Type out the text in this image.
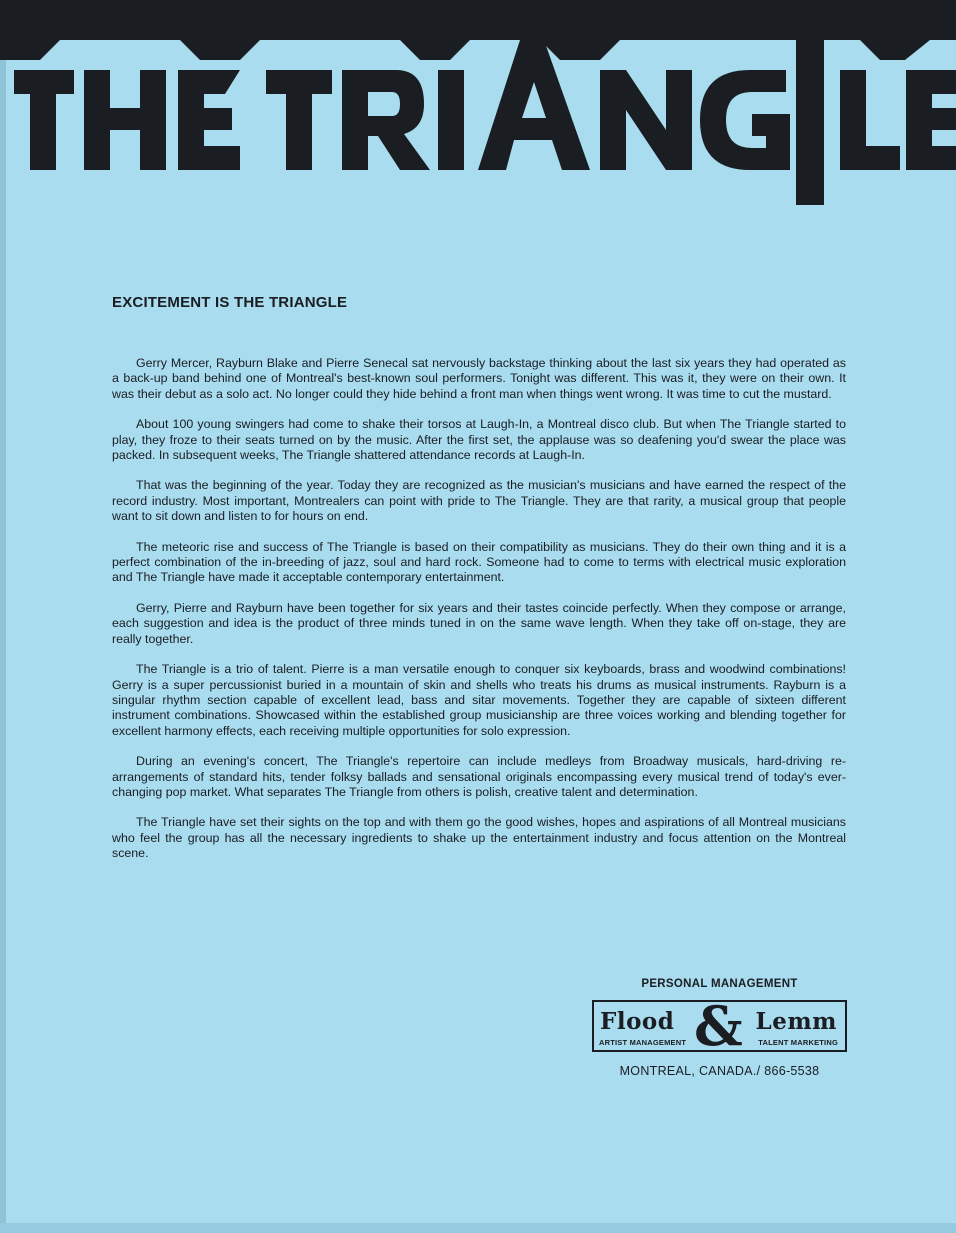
EXCITEMENT IS THE TRIANGLE

Gerry Mercer, Rayburn Blake and Pierre Senecal sat nervously backstage thinking about the last six years they had operated as a back-up band behind one of Montreal's best-known soul performers. Tonight was different. This was it, they were on their own. It was their debut as a solo act. No longer could they hide behind a front man when things went wrong. It was time to cut the mustard.

About 100 young swingers had come to shake their torsos at Laugh-In, a Montreal disco club. But when The Triangle started to play, they froze to their seats turned on by the music. After the first set, the applause was so deafening you'd swear the place was packed. In subsequent weeks, The Triangle shattered attendance records at Laugh-In.

That was the beginning of the year. Today they are recognized as the musician's musicians and have earned the respect of the record industry. Most important, Montrealers can point with pride to The Triangle. They are that rarity, a musical group that people want to sit down and listen to for hours on end.

The meteoric rise and success of The Triangle is based on their compatibility as musicians. They do their own thing and it is a perfect combination of the in-breeding of jazz, soul and hard rock. Someone had to come to terms with electrical music exploration and The Triangle have made it acceptable contemporary entertainment.

Gerry, Pierre and Rayburn have been together for six years and their tastes coincide perfectly. When they compose or arrange, each suggestion and idea is the product of three minds tuned in on the same wave length. When they take off on-stage, they are really together.

The Triangle is a trio of talent. Pierre is a man versatile enough to conquer six keyboards, brass and woodwind combinations! Gerry is a super percussionist buried in a mountain of skin and shells who treats his drums as musical instruments. Rayburn is a singular rhythm section capable of excellent lead, bass and sitar movements. Together they are capable of sixteen different instrument combinations. Showcased within the established group musicianship are three voices working and blending together for excellent harmony effects, each receiving multiple opportunities for solo expression.

During an evening's concert, The Triangle's repertoire can include medleys from Broadway musicals, hard-driving re-arrangements of standard hits, tender folksy ballads and sensational originals encompassing every musical trend of today's ever-changing pop market. What separates The Triangle from others is polish, creative talent and determination.

The Triangle have set their sights on the top and with them go the good wishes, hopes and aspirations of all Montreal musicians who feel the group has all the necessary ingredients to shake up the entertainment industry and focus attention on the Montreal scene.

PERSONAL MANAGEMENT
Flood & Lemm
ARTIST MANAGEMENT	TALENT MARKETING
MONTREAL, CANADA./ 866-5538
